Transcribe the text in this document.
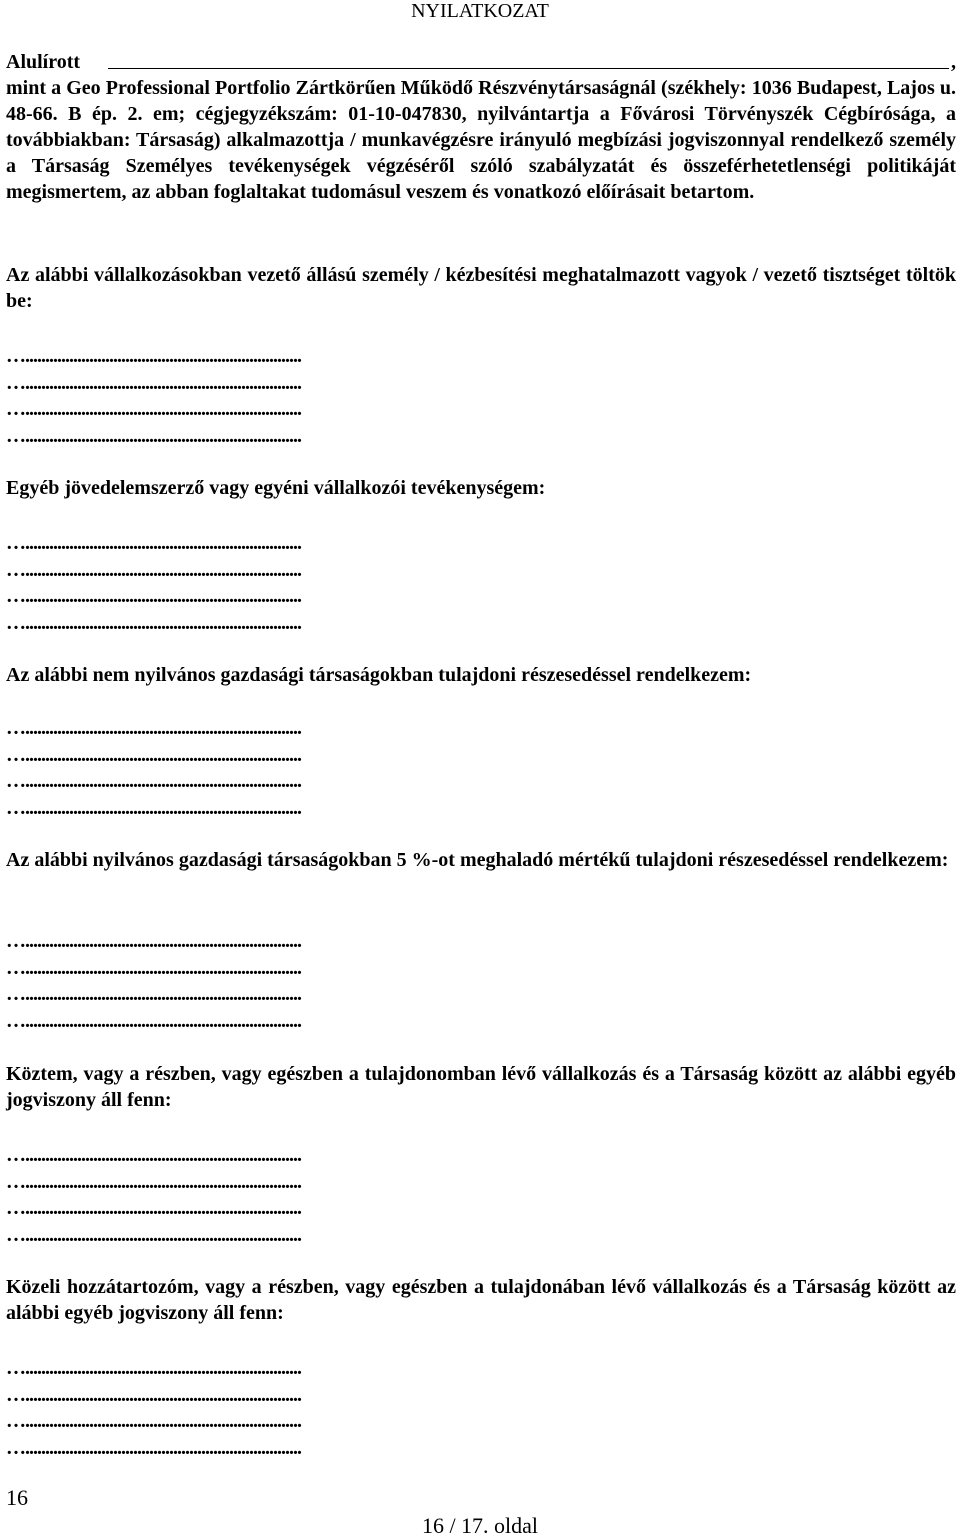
NYILATKOZAT
Alulírott	,
mint a Geo Professional Portfolio Zártkörűen Működő Részvénytársaságnál (székhely: 1036 Budapest, Lajos u. 48-66. B ép. 2. em; cégjegyzékszám: 01-10-047830, nyilvántartja a Fővárosi Törvényszék Cégbírósága, a továbbiakban: Társaság) alkalmazottja / munkavégzésre irányuló megbízási jogviszonnyal rendelkező személy a Társaság Személyes tevékenységek végzéséről szóló szabályzatát és összeférhetetlenségi politikáját megismertem, az abban foglaltakat tudomásul veszem és vonatkozó előírásait betartom.
Az alábbi vállalkozásokban vezető állású személy / kézbesítési meghatalmazott vagyok / vezető tisztséget töltök be:
….....................................................................
….....................................................................
….....................................................................
….....................................................................
Egyéb jövedelemszerző vagy egyéni vállalkozói tevékenységem:
….....................................................................
….....................................................................
….....................................................................
….....................................................................
Az alábbi nem nyilvános gazdasági társaságokban tulajdoni részesedéssel rendelkezem:
….....................................................................
….....................................................................
….....................................................................
….....................................................................
Az alábbi nyilvános gazdasági társaságokban 5 %-ot meghaladó mértékű tulajdoni részesedéssel rendelkezem:
….....................................................................
….....................................................................
….....................................................................
….....................................................................
Köztem, vagy a részben, vagy egészben a tulajdonomban lévő vállalkozás és a Társaság között az alábbi egyéb jogviszony áll fenn:
….....................................................................
….....................................................................
….....................................................................
….....................................................................
Közeli hozzátartozóm, vagy a részben, vagy egészben a tulajdonában lévő vállalkozás és a Társaság között az alábbi egyéb jogviszony áll fenn:
….....................................................................
….....................................................................
….....................................................................
….....................................................................
16
16 / 17. oldal
